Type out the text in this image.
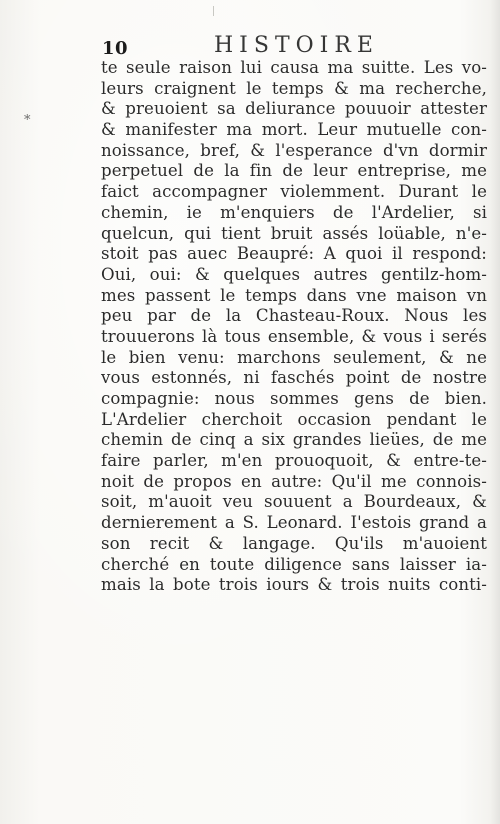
10	HISTOIRE
*
te seule raison lui causa ma suitte. Les vo-
leurs craignent le temps & ma recherche,
& preuoient sa deliurance pouuoir attester
& manifester ma mort. Leur mutuelle con-
noissance, bref, & l'esperance d'vn dormir
perpetuel de la fin de leur entreprise, me
faict accompagner violemment. Durant le
chemin, ie m'enquiers de l'Ardelier, si
quelcun, qui tient bruit assés loüable, n'e-
stoit pas auec Beaupré: A quoi il respond:
Oui, oui: & quelques autres gentilz-hom-
mes passent le temps dans vne maison vn
peu par de la Chasteau-Roux. Nous les
trouuerons là tous ensemble, & vous i serés
le bien venu: marchons seulement, & ne
vous estonnés, ni faschés point de nostre
compagnie: nous sommes gens de bien.
L'Ardelier cherchoit occasion pendant le
chemin de cinq a six grandes lieües, de me
faire parler, m'en prouoquoit, & entre-te-
noit de propos en autre: Qu'il me connois-
soit, m'auoit veu souuent a Bourdeaux, &
dernierement a S. Leonard. I'estois grand a
son recit & langage. Qu'ils m'auoient
cherché en toute diligence sans laisser ia-
mais la bote trois iours & trois nuits conti-
